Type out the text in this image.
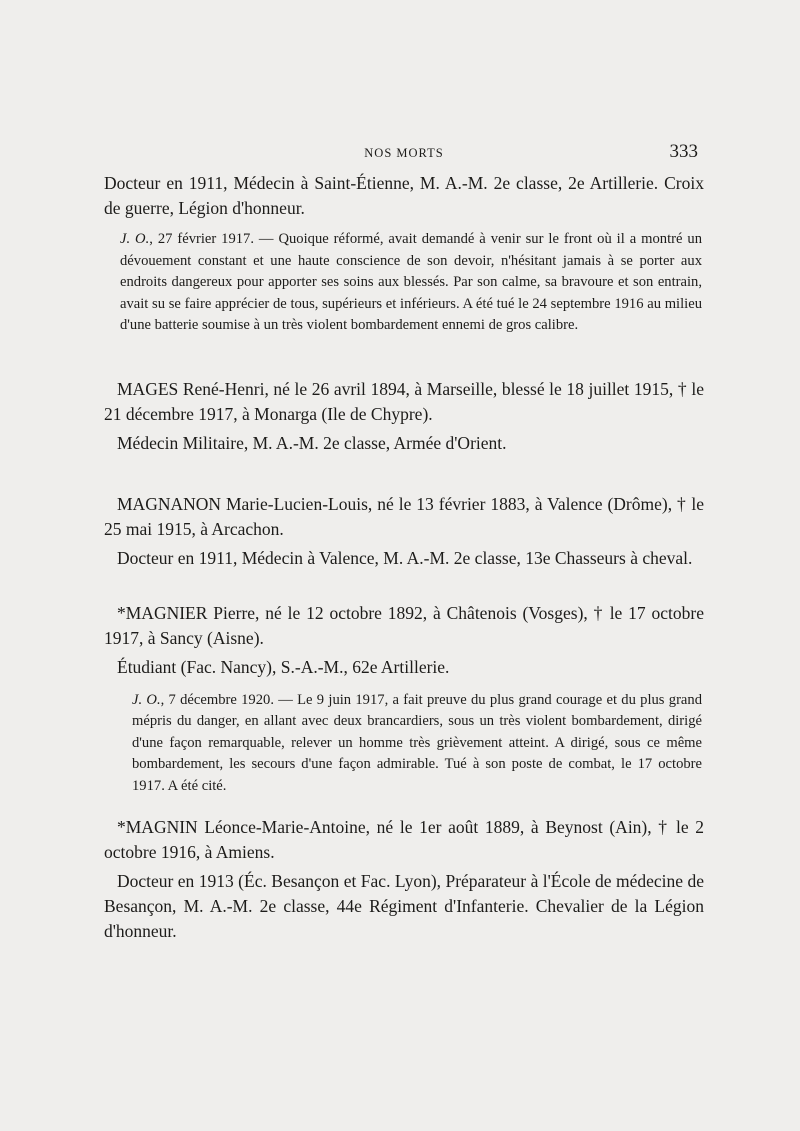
NOS MORTS	333

Docteur en 1911, Médecin à Saint-Étienne, M. A.-M. 2e classe, 2e Artillerie. Croix de guerre, Légion d'honneur.

J. O., 27 février 1917. — Quoique réformé, avait demandé à venir sur le front où il a montré un dévouement constant et une haute conscience de son devoir, n'hésitant jamais à se porter aux endroits dangereux pour apporter ses soins aux blessés. Par son calme, sa bravoure et son entrain, avait su se faire apprécier de tous, supérieurs et inférieurs. A été tué le 24 septembre 1916 au milieu d'une batterie soumise à un très violent bombardement ennemi de gros calibre.

MAGES René-Henri, né le 26 avril 1894, à Marseille, blessé le 18 juillet 1915, † le 21 décembre 1917, à Monarga (Ile de Chypre).

Médecin Militaire, M. A.-M. 2e classe, Armée d'Orient.

MAGNANON Marie-Lucien-Louis, né le 13 février 1883, à Valence (Drôme), † le 25 mai 1915, à Arcachon.

Docteur en 1911, Médecin à Valence, M. A.-M. 2e classe, 13e Chasseurs à cheval.

*MAGNIER Pierre, né le 12 octobre 1892, à Châtenois (Vosges), † le 17 octobre 1917, à Sancy (Aisne).

Étudiant (Fac. Nancy), S.-A.-M., 62e Artillerie.

J. O., 7 décembre 1920. — Le 9 juin 1917, a fait preuve du plus grand courage et du plus grand mépris du danger, en allant avec deux brancardiers, sous un très violent bombardement, dirigé d'une façon remarquable, relever un homme très grièvement atteint. A dirigé, sous ce même bombardement, les secours d'une façon admirable. Tué à son poste de combat, le 17 octobre 1917. A été cité.

*MAGNIN Léonce-Marie-Antoine, né le 1er août 1889, à Beynost (Ain), † le 2 octobre 1916, à Amiens.

Docteur en 1913 (Éc. Besançon et Fac. Lyon), Préparateur à l'École de médecine de Besançon, M. A.-M. 2e classe, 44e Régiment d'Infanterie. Chevalier de la Légion d'honneur.
